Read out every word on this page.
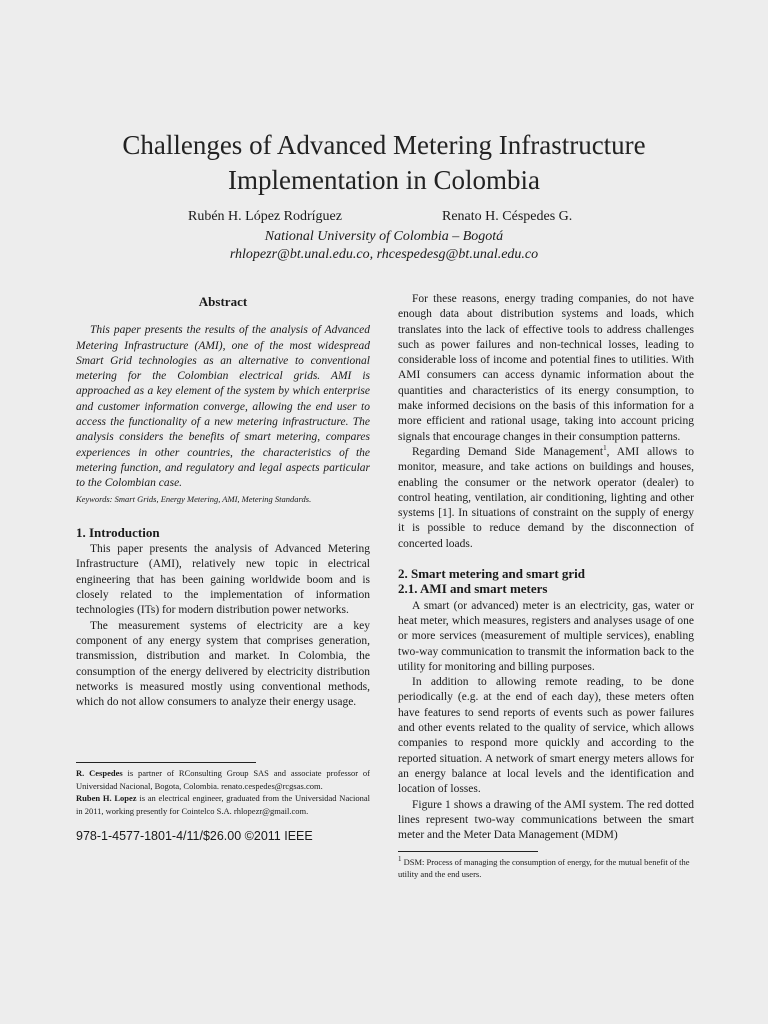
Challenges of Advanced Metering Infrastructure Implementation in Colombia
Rubén H. López Rodríguez	Renato H. Céspedes G.
National University of Colombia – Bogotá
rhlopezr@bt.unal.edu.co, rhcespedesg@bt.unal.edu.co
Abstract

This paper presents the results of the analysis of Advanced Metering Infrastructure (AMI), one of the most widespread Smart Grid technologies as an alternative to conventional metering for the Colombian electrical grids. AMI is approached as a key element of the system by which enterprise and customer information converge, allowing the end user to access the functionality of a new metering infrastructure. The analysis considers the benefits of smart metering, compares experiences in other countries, the characteristics of the metering function, and regulatory and legal aspects particular to the Colombian case.

Keywords: Smart Grids, Energy Metering, AMI, Metering Standards.

1. Introduction

This paper presents the analysis of Advanced Metering Infrastructure (AMI), relatively new topic in electrical engineering that has been gaining worldwide boom and is closely related to the implementation of information technologies (ITs) for modern distribution power networks.

The measurement systems of electricity are a key component of any energy system that comprises generation, transmission, distribution and market. In Colombia, the consumption of the energy delivered by electricity distribution networks is measured mostly using conventional methods, which do not allow consumers to analyze their energy usage.

R. Cespedes is partner of RConsulting Group SAS and associate professor of Universidad Nacional, Bogota, Colombia. renato.cespedes@rcgsas.com.

Ruben H. Lopez is an electrical engineer, graduated from the Universidad Nacional in 2011, working presently for Cointelco S.A. rhlopezr@gmail.com.

978-1-4577-1801-4/11/$26.00 ©2011 IEEE

For these reasons, energy trading companies, do not have enough data about distribution systems and loads, which translates into the lack of effective tools to address challenges such as power failures and non-technical losses, leading to considerable loss of income and potential fines to utilities. With AMI consumers can access dynamic information about the quantities and characteristics of its energy consumption, to make informed decisions on the basis of this information for a more efficient and rational usage, taking into account pricing signals that encourage changes in their consumption patterns.

Regarding Demand Side Management$^1$, AMI allows to monitor, measure, and take actions on buildings and houses, enabling the consumer or the network operator (dealer) to control heating, ventilation, air conditioning, lighting and other systems [1]. In situations of constraint on the supply of energy it is possible to reduce demand by the disconnection of concerted loads.

2. Smart metering and smart grid
2.1. AMI and smart meters

A smart (or advanced) meter is an electricity, gas, water or heat meter, which measures, registers and analyses usage of one or more services (measurement of multiple services), enabling two-way communication to transmit the information back to the utility for monitoring and billing purposes.

In addition to allowing remote reading, to be done periodically (e.g. at the end of each day), these meters often have features to send reports of events such as power failures and other events related to the quality of service, which allows companies to respond more quickly and according to the reported situation. A network of smart energy meters allows for an energy balance at local levels and the identification and location of losses.

Figure 1 shows a drawing of the AMI system. The red dotted lines represent two-way communications between the smart meter and the Meter Data Management (MDM)

$^1$ DSM: Process of managing the consumption of energy, for the mutual benefit of the utility and the end users.
